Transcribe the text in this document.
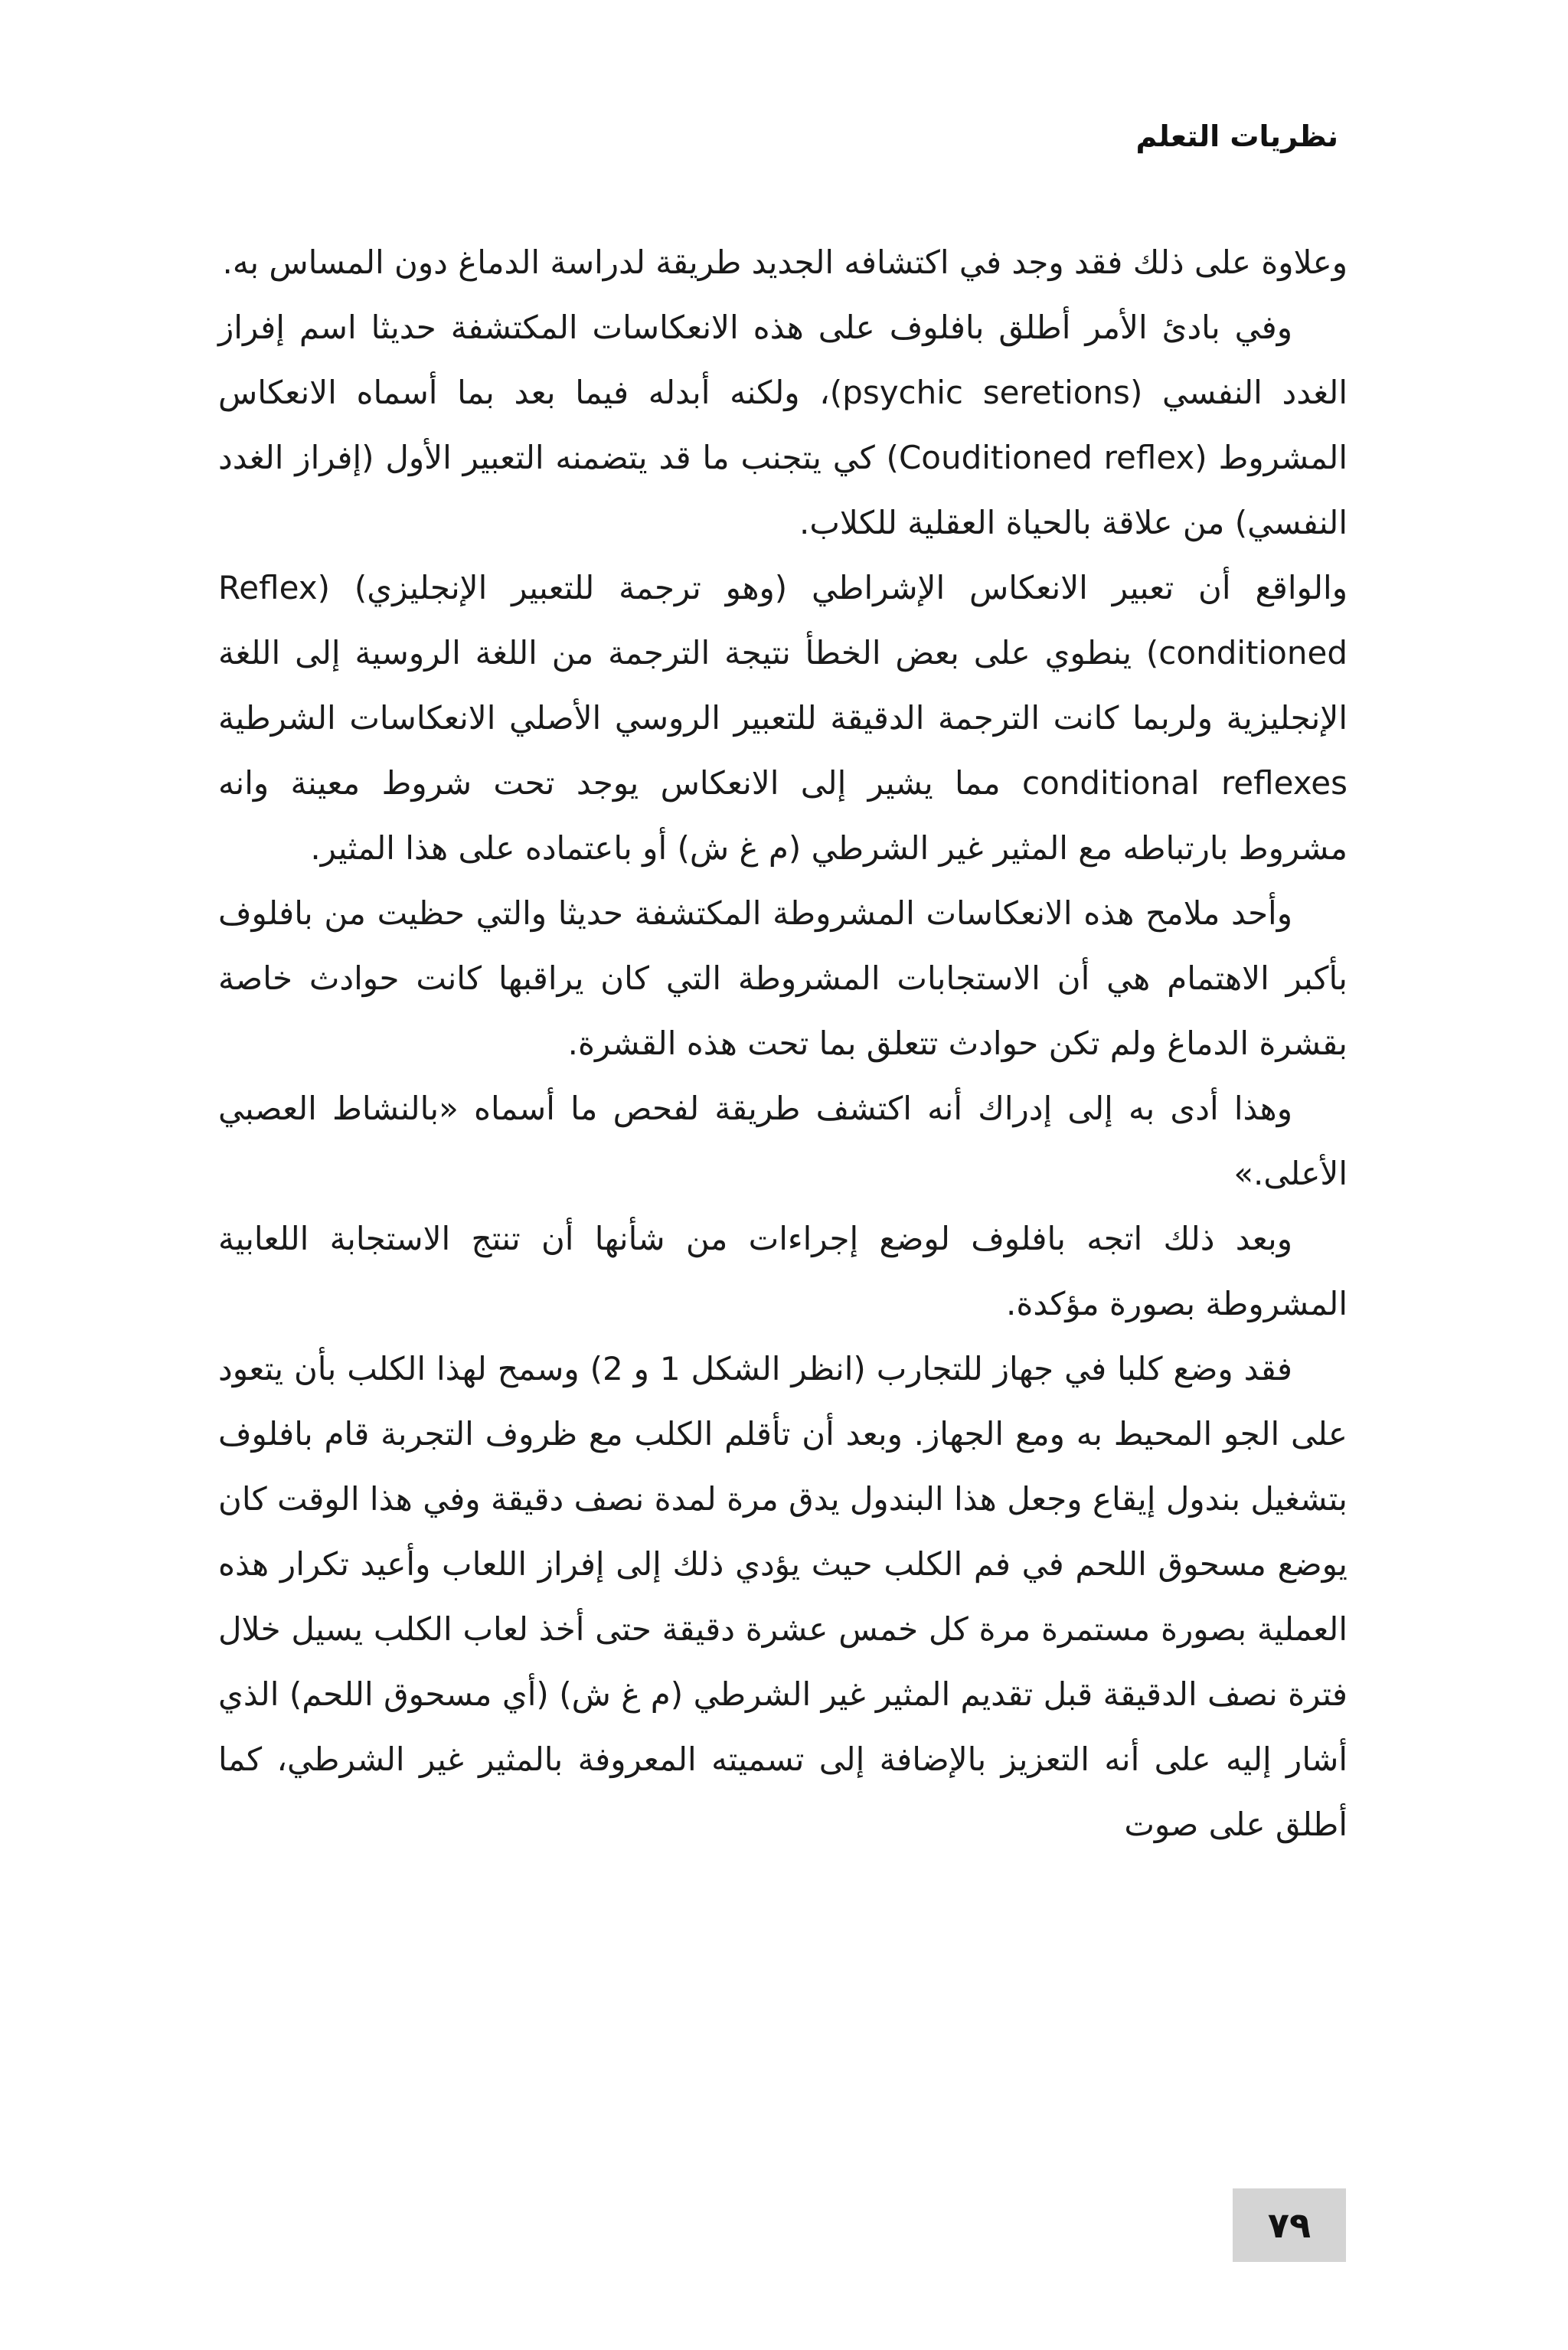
نظريات التعلم

وعلاوة على ذلك فقد وجد في اكتشافه الجديد طريقة لدراسة الدماغ دون المساس به.

وفي بادئ الأمر أطلق بافلوف على هذه الانعكاسات المكتشفة حديثا اسم إفراز الغدد النفسي (psychic seretions)، ولكنه أبدله فيما بعد بما أسماه الانعكاس المشروط (Couditioned reflex) كي يتجنب ما قد يتضمنه التعبير الأول (إفراز الغدد النفسي) من علاقة بالحياة العقلية للكلاب.

والواقع أن تعبير الانعكاس الإشراطي (وهو ترجمة للتعبير الإنجليزي) (Reflex (conditioned ينطوي على بعض الخطأ نتيجة الترجمة من اللغة الروسية إلى اللغة الإنجليزية ولربما كانت الترجمة الدقيقة للتعبير الروسي الأصلي الانعكاسات الشرطية conditional reflexes مما يشير إلى الانعكاس يوجد تحت شروط معينة وانه مشروط بارتباطه مع المثير غير الشرطي (م غ ش) أو باعتماده على هذا المثير.

وأحد ملامح هذه الانعكاسات المشروطة المكتشفة حديثا والتي حظيت من بافلوف بأكبر الاهتمام هي أن الاستجابات المشروطة التي كان يراقبها كانت حوادث خاصة بقشرة الدماغ ولم تكن حوادث تتعلق بما تحت هذه القشرة.

وهذا أدى به إلى إدراك أنه اكتشف طريقة لفحص ما أسماه «بالنشاط العصبي الأعلى.»

وبعد ذلك اتجه بافلوف لوضع إجراءات من شأنها أن تنتج الاستجابة اللعابية المشروطة بصورة مؤكدة.

فقد وضع كلبا في جهاز للتجارب (انظر الشكل 1 و 2) وسمح لهذا الكلب بأن يتعود على الجو المحيط به ومع الجهاز. وبعد أن تأقلم الكلب مع ظروف التجربة قام بافلوف بتشغيل بندول إيقاع وجعل هذا البندول يدق مرة لمدة نصف دقيقة وفي هذا الوقت كان يوضع مسحوق اللحم في فم الكلب حيث يؤدي ذلك إلى إفراز اللعاب وأعيد تكرار هذه العملية بصورة مستمرة مرة كل خمس عشرة دقيقة حتى أخذ لعاب الكلب يسيل خلال فترة نصف الدقيقة قبل تقديم المثير غير الشرطي (م غ ش) (أي مسحوق اللحم) الذي أشار إليه على أنه التعزيز بالإضافة إلى تسميته المعروفة بالمثير غير الشرطي، كما أطلق على صوت

٧٩
